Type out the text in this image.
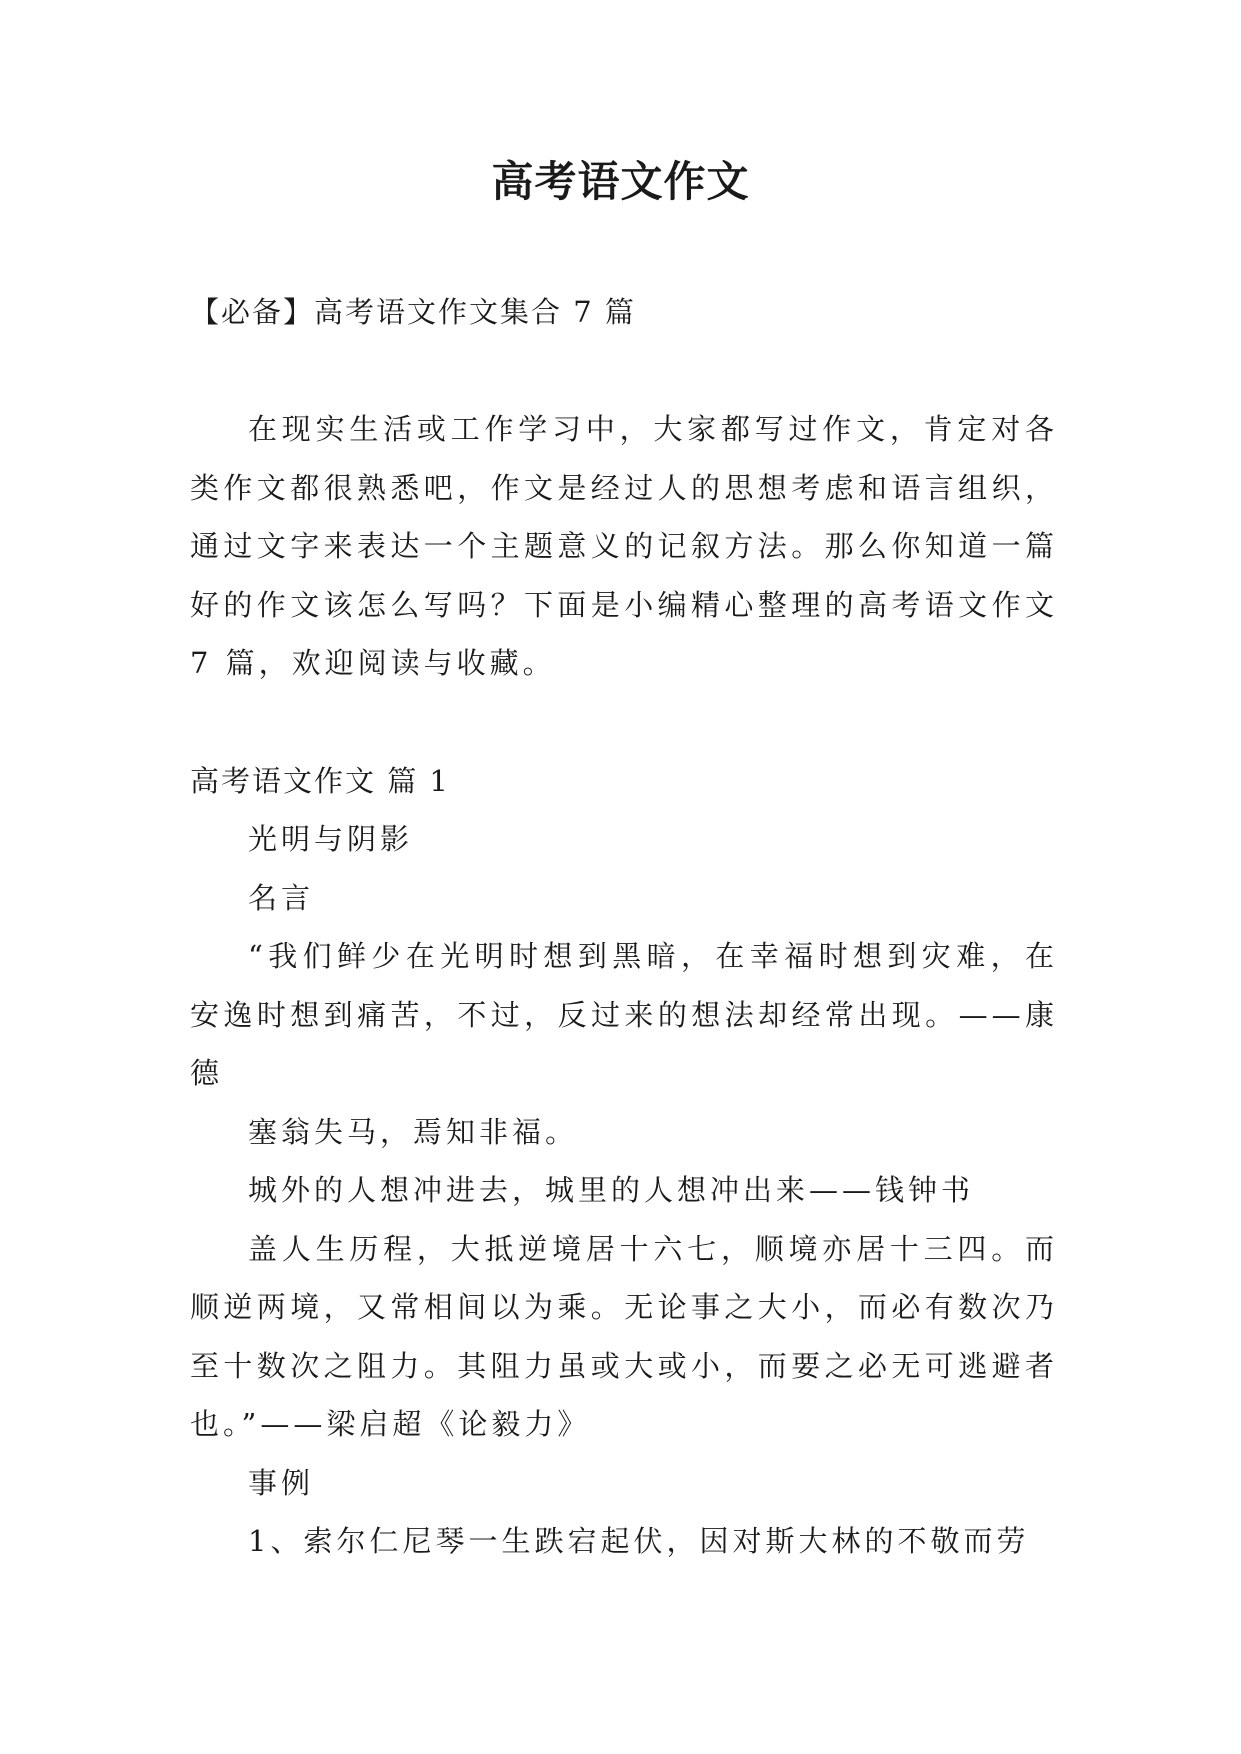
高考语文作文
【必备】高考语文作文集合 7 篇
在现实生活或工作学习中，大家都写过作文，肯定对各类作文都很熟悉吧，作文是经过人的思想考虑和语言组织，通过文字来表达一个主题意义的记叙方法。那么你知道一篇好的作文该怎么写吗？下面是小编精心整理的高考语文作文 7 篇，欢迎阅读与收藏。
高考语文作文 篇 1

光明与阴影

名言

“我们鲜少在光明时想到黑暗，在幸福时想到灾难，在安逸时想到痛苦，不过，反过来的想法却经常出现。——康德

塞翁失马，焉知非福。

城外的人想冲进去，城里的人想冲出来——钱钟书

盖人生历程，大抵逆境居十六七，顺境亦居十三四。而顺逆两境，又常相间以为乘。无论事之大小，而必有数次乃至十数次之阻力。其阻力虽或大或小，而要之必无可逃避者也。”——梁启超《论毅力》

事例

1、索尔仁尼琴一生跌宕起伏，因对斯大林的不敬而劳
